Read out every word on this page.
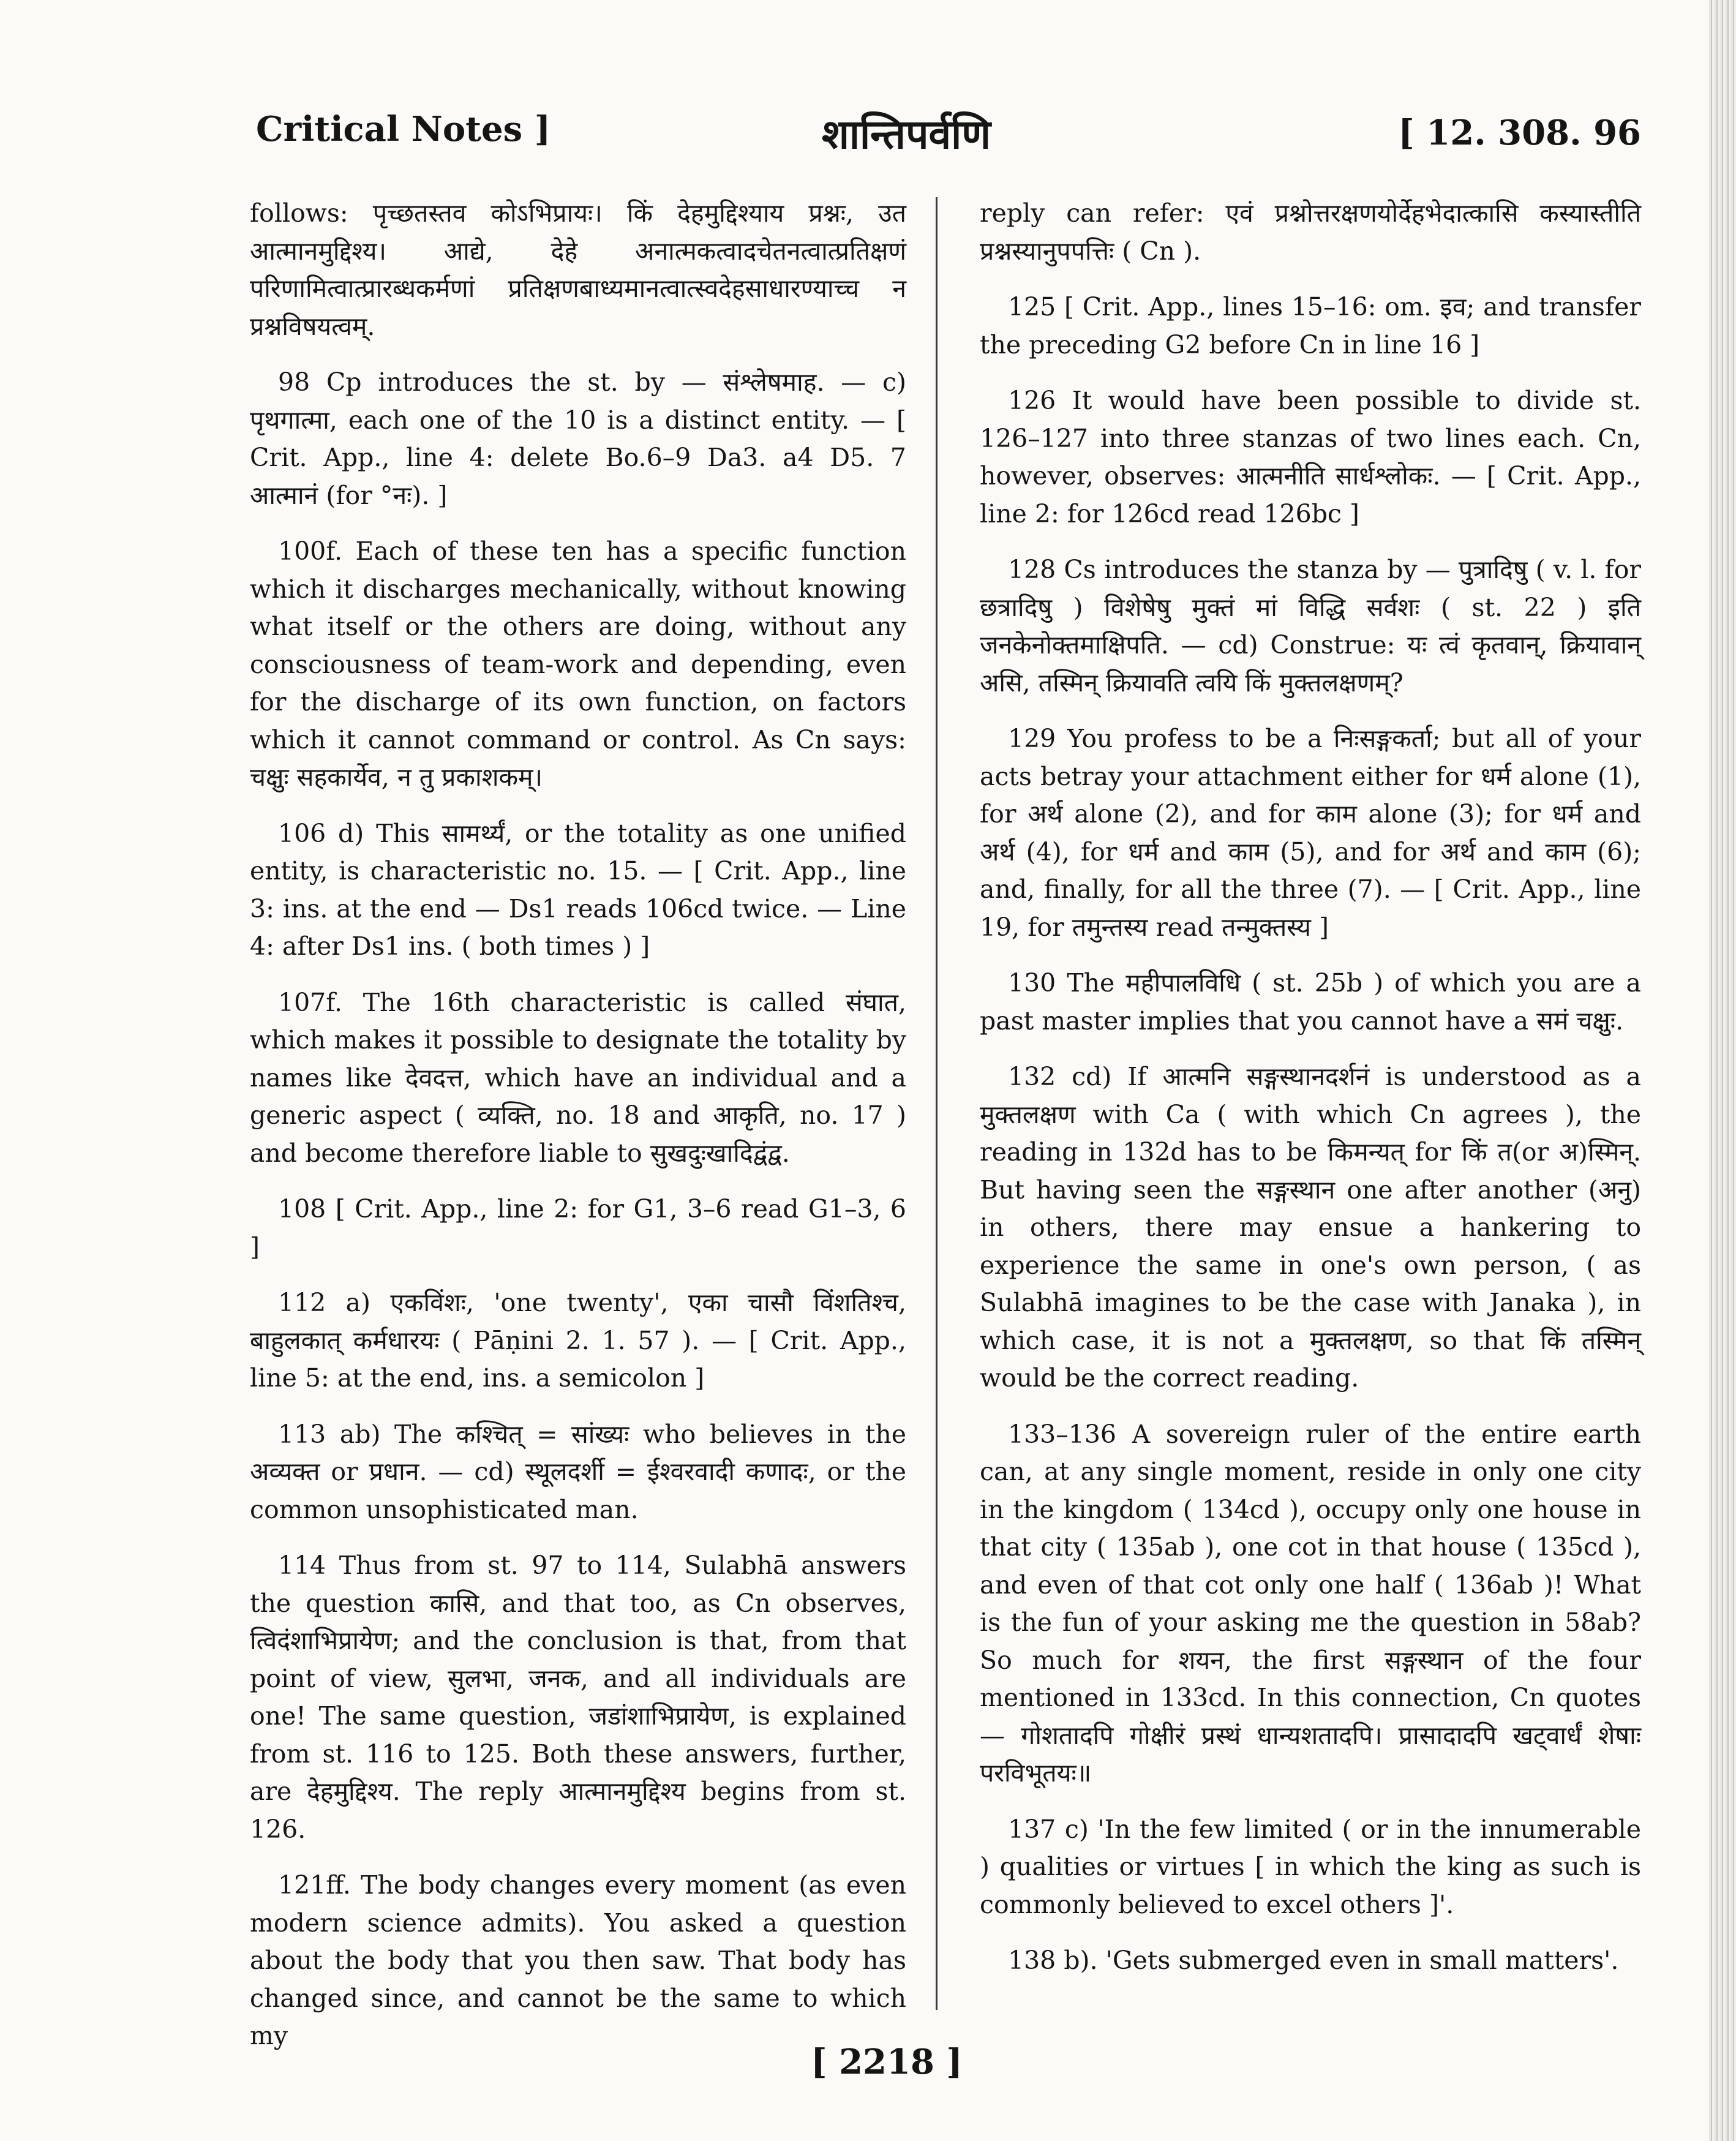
Critical Notes ]	शान्तिपर्वणि	[ 12. 308. 96

follows: पृच्छतस्तव कोऽभिप्रायः। किं देहमुद्दिश्याय प्रश्नः, उत आत्मानमुद्दिश्य। आद्ये, देहे अनात्मकत्वादचेतनत्वात्प्रतिक्षणं परिणामित्वात्प्रारब्धकर्मणां प्रतिक्षणबाध्यमानत्वात्स्वदेहसाधारण्याच्च न प्रश्नविषयत्वम्.

98 Cp introduces the st. by — संश्लेषमाह. — c) पृथगात्मा, each one of the 10 is a distinct entity. — [ Crit. App., line 4: delete Bo.6–9 Da3. a4 D5. 7 आत्मानं (for °नः). ]

100f. Each of these ten has a specific function which it discharges mechanically, without knowing what itself or the others are doing, without any consciousness of team-work and depending, even for the discharge of its own function, on factors which it cannot command or control. As Cn says: चक्षुः सहकार्येव, न तु प्रकाशकम्।

106 d) This सामर्थ्यं, or the totality as one unified entity, is characteristic no. 15. — [ Crit. App., line 3: ins. at the end — Ds1 reads 106cd twice. — Line 4: after Ds1 ins. ( both times ) ]

107f. The 16th characteristic is called संघात, which makes it possible to designate the totality by names like देवदत्त, which have an individual and a generic aspect ( व्यक्ति, no. 18 and आकृति, no. 17 ) and become therefore liable to सुखदुःखादिद्वंद्व.

108 [ Crit. App., line 2: for G1, 3–6 read G1–3, 6 ]

112 a) एकविंशः, 'one twenty', एका चासौ विंशतिश्च, बाहुलकात् कर्मधारयः ( Pāṇini 2. 1. 57 ). — [ Crit. App., line 5: at the end, ins. a semicolon ]

113 ab) The कश्चित् = सांख्यः who believes in the अव्यक्त or प्रधान. — cd) स्थूलदर्शी = ईश्वरवादी कणादः, or the common unsophisticated man.

114 Thus from st. 97 to 114, Sulabhā answers the question कासि, and that too, as Cn observes, त्विदंशाभिप्रायेण; and the conclusion is that, from that point of view, सुलभा, जनक, and all individuals are one! The same question, जडांशाभिप्रायेण, is explained from st. 116 to 125. Both these answers, further, are देहमुद्दिश्य. The reply आत्मानमुद्दिश्य begins from st. 126.

121ff. The body changes every moment (as even modern science admits). You asked a question about the body that you then saw. That body has changed since, and cannot be the same to which my

reply can refer: एवं प्रश्नोत्तरक्षणयोर्देहभेदात्कासि कस्यास्तीति प्रश्नस्यानुपपत्तिः ( Cn ).

125 [ Crit. App., lines 15–16: om. इव; and transfer the preceding G2 before Cn in line 16 ]

126 It would have been possible to divide st. 126–127 into three stanzas of two lines each. Cn, however, observes: आत्मनीति सार्धश्लोकः. — [ Crit. App., line 2: for 126cd read 126bc ]

128 Cs introduces the stanza by — पुत्रादिषु ( v. l. for छत्रादिषु ) विशेषेषु मुक्तं मां विद्धि सर्वशः ( st. 22 ) इति जनकेनोक्तमाक्षिपति. — cd) Construe: यः त्वं कृतवान्, क्रियावान् असि, तस्मिन् क्रियावति त्वयि किं मुक्तलक्षणम्?

129 You profess to be a निःसङ्गकर्ता; but all of your acts betray your attachment either for धर्म alone (1), for अर्थ alone (2), and for काम alone (3); for धर्म and अर्थ (4), for धर्म and काम (5), and for अर्थ and काम (6); and, finally, for all the three (7). — [ Crit. App., line 19, for तमुन्तस्य read तन्मुक्तस्य ]

130 The महीपालविधि ( st. 25b ) of which you are a past master implies that you cannot have a समं चक्षुः.

132 cd) If आत्मनि सङ्गस्थानदर्शनं is understood as a मुक्तलक्षण with Ca ( with which Cn agrees ), the reading in 132d has to be किमन्यत् for किं त(or अ)स्मिन्. But having seen the सङ्गस्थान one after another (अनु) in others, there may ensue a hankering to experience the same in one's own person, ( as Sulabhā imagines to be the case with Janaka ), in which case, it is not a मुक्तलक्षण, so that किं तस्मिन् would be the correct reading.

133–136 A sovereign ruler of the entire earth can, at any single moment, reside in only one city in the kingdom ( 134cd ), occupy only one house in that city ( 135ab ), one cot in that house ( 135cd ), and even of that cot only one half ( 136ab )! What is the fun of your asking me the question in 58ab? So much for शयन, the first सङ्गस्थान of the four mentioned in 133cd. In this connection, Cn quotes — गोशतादपि गोक्षीरं प्रस्थं धान्यशतादपि। प्रासादादपि खट्वार्धं शेषाः परविभूतयः॥

137 c) 'In the few limited ( or in the innumerable ) qualities or virtues [ in which the king as such is commonly believed to excel others ]'.

138 b). 'Gets submerged even in small matters'.

[ 2218 ]
